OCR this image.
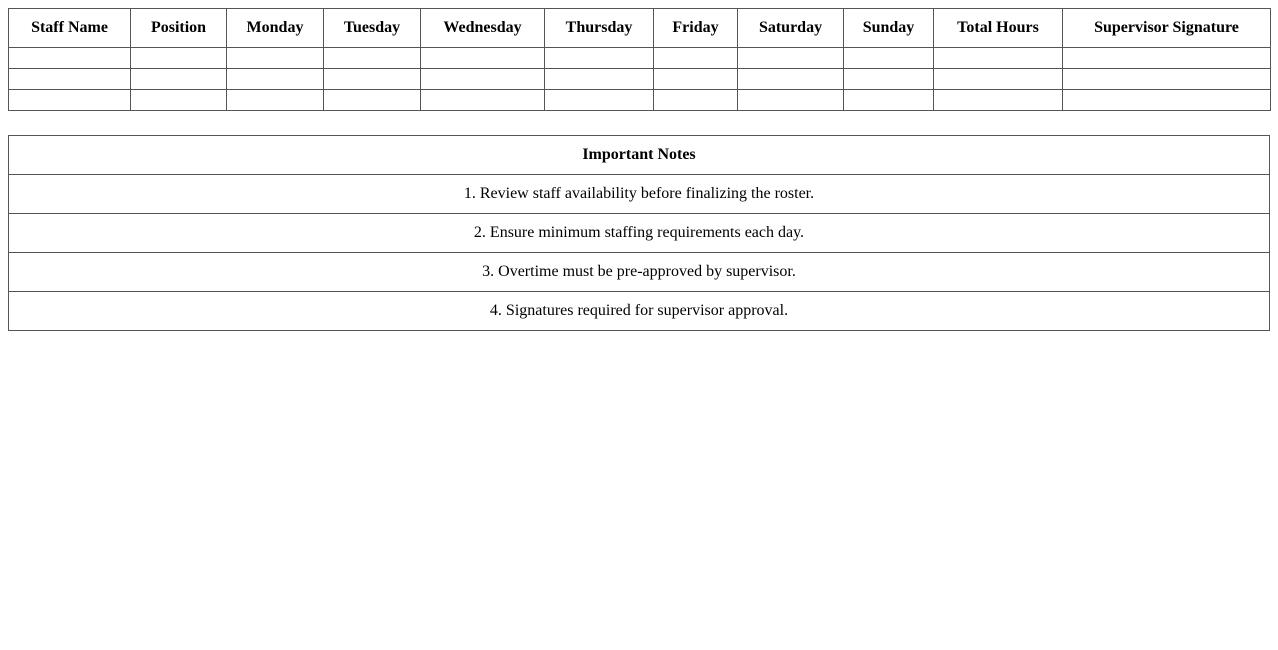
Staff Name	Position	Monday	Tuesday	Wednesday	Thursday	Friday	Saturday	Sunday	Total Hours	Supervisor Signature

Important Notes
1. Review staff availability before finalizing the roster.
2. Ensure minimum staffing requirements each day.
3. Overtime must be pre-approved by supervisor.
4. Signatures required for supervisor approval.
